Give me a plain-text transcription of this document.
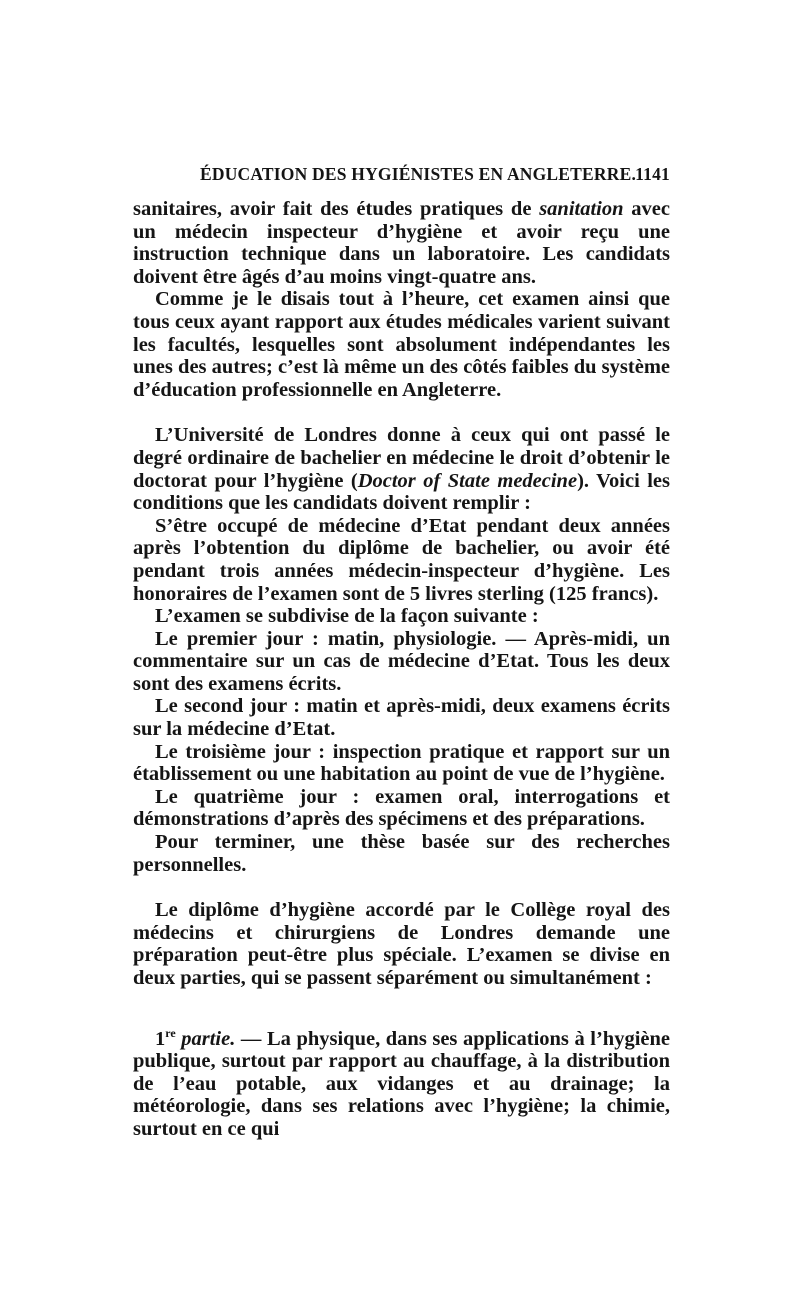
ÉDUCATION DES HYGIÉNISTES EN ANGLETERRE. 1141

sanitaires, avoir fait des études pratiques de sanitation avec un médecin inspecteur d’hygiène et avoir reçu une instruction technique dans un laboratoire. Les candidats doivent être âgés d’au moins vingt-quatre ans.

Comme je le disais tout à l’heure, cet examen ainsi que tous ceux ayant rapport aux études médicales varient suivant les facultés, lesquelles sont absolument indépendantes les unes des autres; c’est là même un des côtés faibles du système d’éducation professionnelle en Angleterre.

L’Université de Londres donne à ceux qui ont passé le degré ordinaire de bachelier en médecine le droit d’obtenir le doctorat pour l’hygiène (Doctor of State medecine). Voici les conditions que les candidats doivent remplir :

S’être occupé de médecine d’Etat pendant deux années après l’obtention du diplôme de bachelier, ou avoir été pendant trois années médecin-inspecteur d’hygiène. Les honoraires de l’examen sont de 5 livres sterling (125 francs).

L’examen se subdivise de la façon suivante :

Le premier jour : matin, physiologie. — Après-midi, un commentaire sur un cas de médecine d’Etat. Tous les deux sont des examens écrits.

Le second jour : matin et après-midi, deux examens écrits sur la médecine d’Etat.

Le troisième jour : inspection pratique et rapport sur un établissement ou une habitation au point de vue de l’hygiène.

Le quatrième jour : examen oral, interrogations et démonstrations d’après des spécimens et des préparations.

Pour terminer, une thèse basée sur des recherches personnelles.

Le diplôme d’hygiène accordé par le Collège royal des médecins et chirurgiens de Londres demande une préparation peut-être plus spéciale. L’examen se divise en deux parties, qui se passent séparément ou simultanément :

1re partie. — La physique, dans ses applications à l’hygiène publique, surtout par rapport au chauffage, à la distribution de l’eau potable, aux vidanges et au drainage; la météorologie, dans ses relations avec l’hygiène; la chimie, surtout en ce qui
